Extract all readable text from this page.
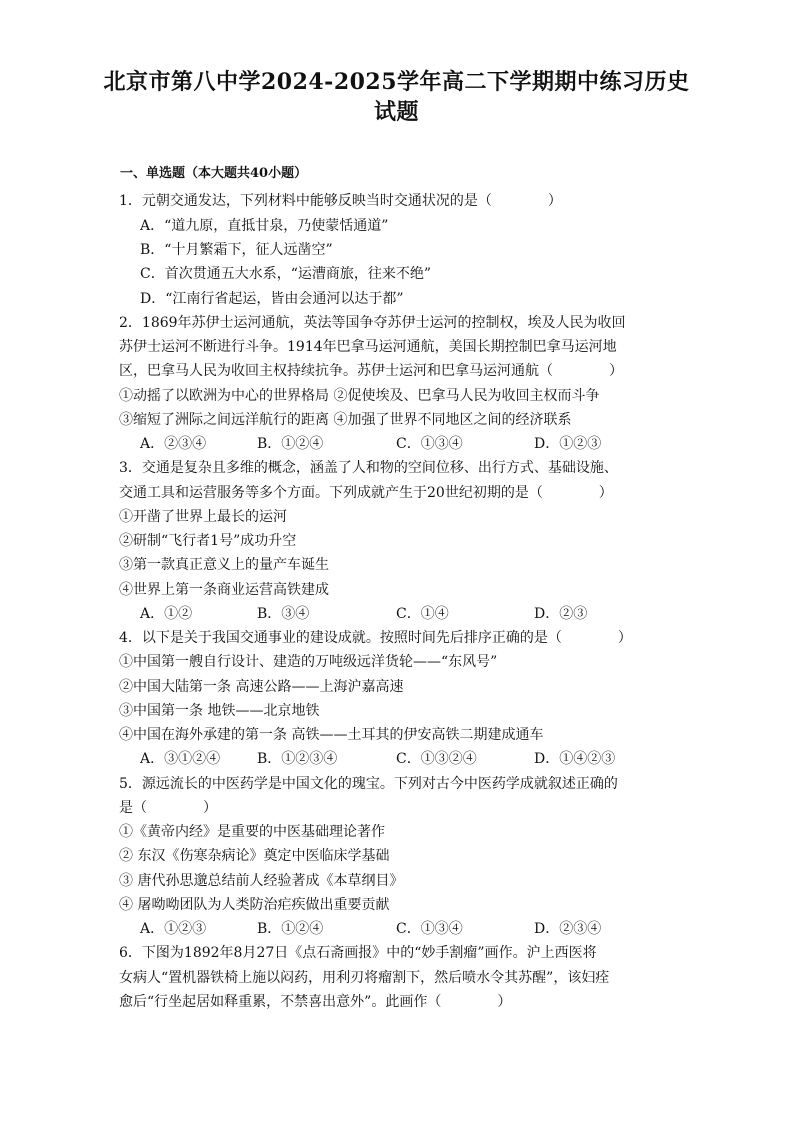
北京市第八中学2024-2025学年高二下学期期中练习历史
试题
一、单选题（本大题共40小题）
1．元朝交通发达，下列材料中能够反映当时交通状况的是（　　　　）
A．“道九原，直抵甘泉，乃使蒙恬通道”
B．“十月繁霜下，征人远凿空”
C．首次贯通五大水系，“运漕商旅，往来不绝”
D．“江南行省起运，皆由会通河以达于都”
2．1869年苏伊士运河通航，英法等国争夺苏伊士运河的控制权，埃及人民为收回
苏伊士运河不断进行斗争。1914年巴拿马运河通航，美国长期控制巴拿马运河地
区，巴拿马人民为收回主权持续抗争。苏伊士运河和巴拿马运河通航（　　　　）
①动摇了以欧洲为中心的世界格局 ②促使埃及、巴拿马人民为收回主权而斗争
③缩短了洲际之间远洋航行的距离 ④加强了世界不同地区之间的经济联系
A．②③④	B．①②④	C．①③④	D．①②③
3．交通是复杂且多维的概念，涵盖了人和物的空间位移、出行方式、基础设施、
交通工具和运营服务等多个方面。下列成就产生于20世纪初期的是（　　　　）
①开凿了世界上最长的运河
②研制“飞行者1号”成功升空
③第一款真正意义上的量产车诞生
④世界上第一条商业运营高铁建成
A．①②	B．③④	C．①④	D．②③
4．以下是关于我国交通事业的建设成就。按照时间先后排序正确的是（　　　　）
①中国第一艘自行设计、建造的万吨级远洋货轮——“东风号”
②中国大陆第一条 高速公路——上海沪嘉高速
③中国第一条 地铁——北京地铁
④中国在海外承建的第一条 高铁——土耳其的伊安高铁二期建成通车
A．③①②④	B．①②③④	C．①③②④	D．①④②③
5．源远流长的中医药学是中国文化的瑰宝。下列对古今中医药学成就叙述正确的
是（　　　　）
①《黄帝内经》是重要的中医基础理论著作
② 东汉《伤寒杂病论》奠定中医临床学基础
③ 唐代孙思邈总结前人经验著成《本草纲目》
④ 屠呦呦团队为人类防治疟疾做出重要贡献
A．①②③	B．①②④	C．①③④	D．②③④
6．下图为1892年8月27日《点石斋画报》中的“妙手割瘤”画作。沪上西医将
女病人“置机器铁椅上施以闷药，用利刃将瘤割下，然后喷水令其苏醒”，该妇痊
愈后“行坐起居如释重累，不禁喜出意外”。此画作（　　　　）
